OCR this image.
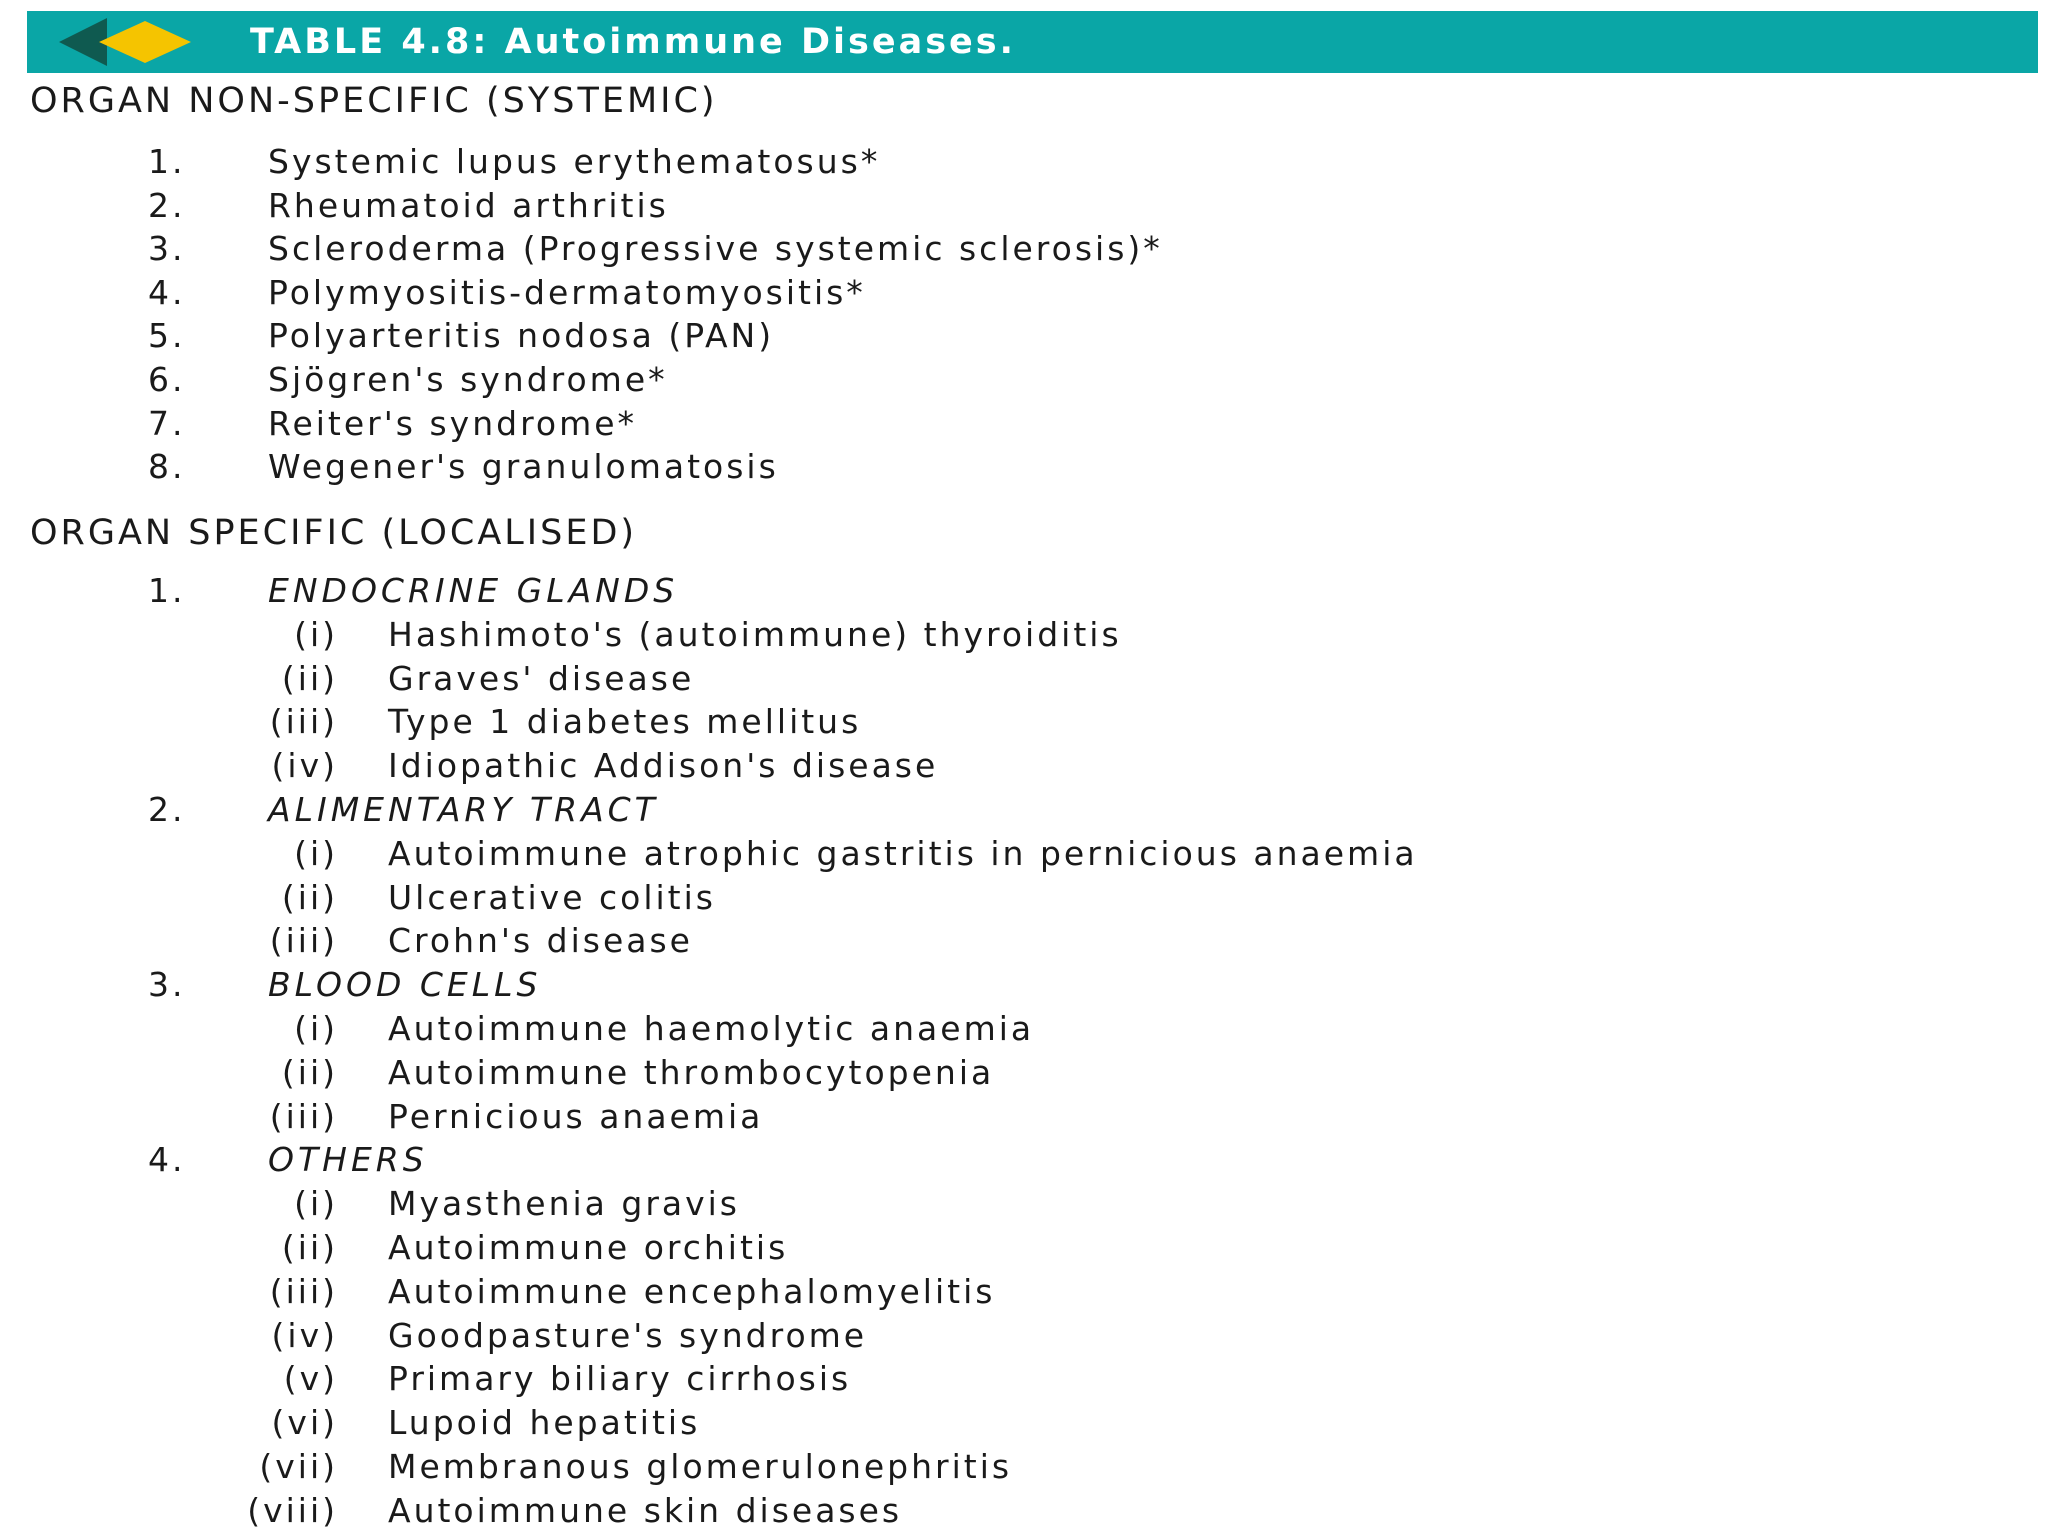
TABLE 4.8: Autoimmune Diseases.
ORGAN NON-SPECIFIC (SYSTEMIC)
1.	Systemic lupus erythematosus*
2.	Rheumatoid arthritis
3.	Scleroderma (Progressive systemic sclerosis)*
4.	Polymyositis-dermatomyositis*
5.	Polyarteritis nodosa (PAN)
6.	Sjögren's syndrome*
7.	Reiter's syndrome*
8.	Wegener's granulomatosis
ORGAN SPECIFIC (LOCALISED)
1.	ENDOCRINE GLANDS
(i) Hashimoto's (autoimmune) thyroiditis
(ii) Graves' disease
(iii) Type 1 diabetes mellitus
(iv) Idiopathic Addison's disease
2.	ALIMENTARY TRACT
(i) Autoimmune atrophic gastritis in pernicious anaemia
(ii) Ulcerative colitis
(iii) Crohn's disease
3.	BLOOD CELLS
(i) Autoimmune haemolytic anaemia
(ii) Autoimmune thrombocytopenia
(iii) Pernicious anaemia
4.	OTHERS
(i) Myasthenia gravis
(ii) Autoimmune orchitis
(iii) Autoimmune encephalomyelitis
(iv) Goodpasture's syndrome
(v) Primary biliary cirrhosis
(vi) Lupoid hepatitis
(vii) Membranous glomerulonephritis
(viii) Autoimmune skin diseases
